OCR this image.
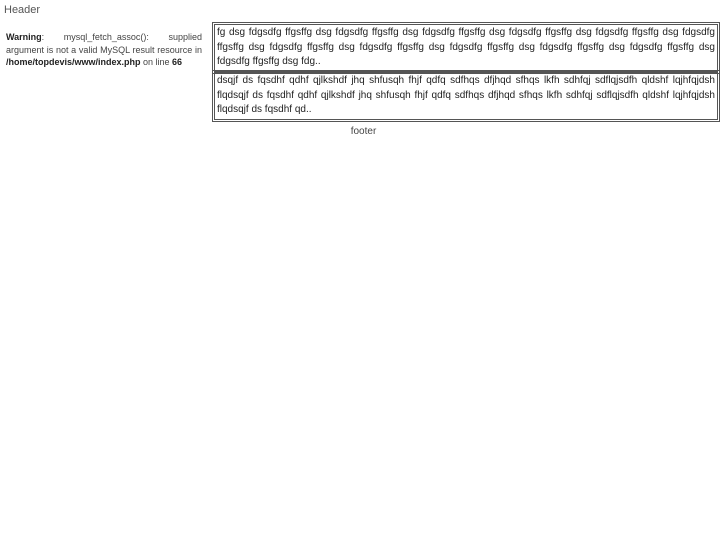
Header
Warning: mysql_fetch_assoc(): supplied argument is not a valid MySQL result resource in /home/topdevis/www/index.php on line 66
fg dsg fdgsdfg ffgsffg dsg fdgsdfg ffgsffg dsg fdgsdfg ffgsffg dsg fdgsdfg ffgsffg dsg fdgsdfg ffgsffg dsg fdgsdfg ffgsffg dsg fdgsdfg ffgsffg dsg fdgsdfg ffgsffg dsg fdgsdfg ffgsffg dsg fdgsdfg ffgsffg dsg fdgsdfg ffgsffg dsg fdgsdfg ffgsffg dsg fdg..
dsqjf ds fqsdhf qdhf qjlkshdf jhq shfusqh fhjf qdfq sdfhqs dfjhqd sfhqs lkfh sdhfqj sdflqjsdfh qldshf lqjhfqjdsh flqdsqjf ds fqsdhf qdhf qjlkshdf jhq shfusqh fhjf qdfq sdfhqs dfjhqd sfhqs lkfh sdhfqj sdflqjsdfh qldshf lqjhfqjdsh flqdsqjf ds fqsdhf qd..
footer
